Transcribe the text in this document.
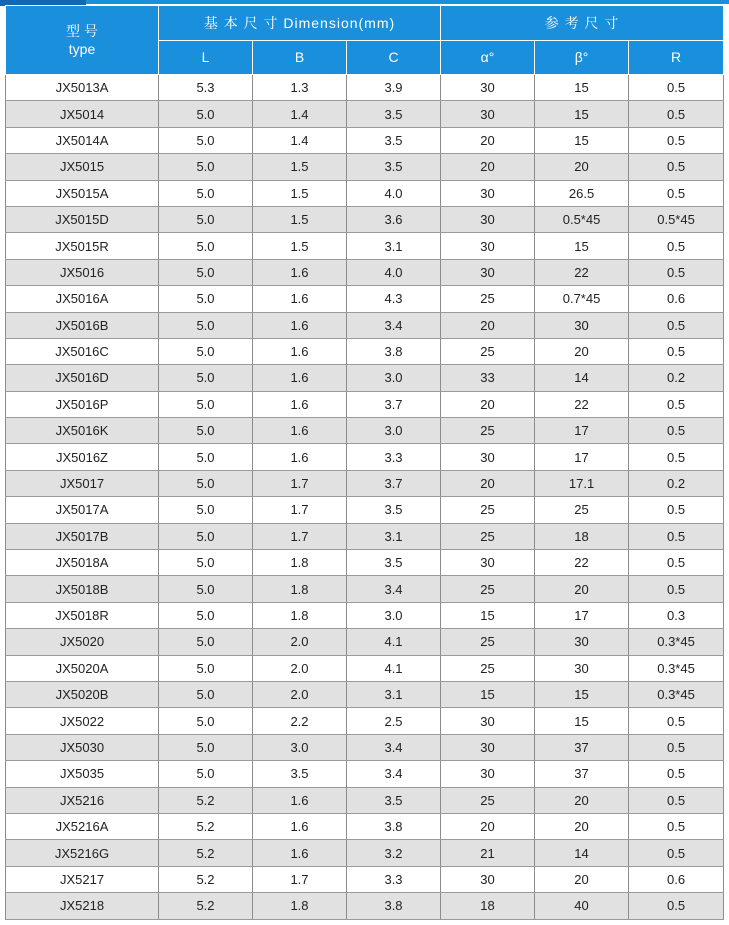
型 号
type	基 本 尺 寸 Dimension(mm)			参 考 尺 寸		
	L	B	C	α°	β°	R
JX5013A	5.3	1.3	3.9	30	15	0.5
JX5014	5.0	1.4	3.5	30	15	0.5
JX5014A	5.0	1.4	3.5	20	15	0.5
JX5015	5.0	1.5	3.5	20	20	0.5
JX5015A	5.0	1.5	4.0	30	26.5	0.5
JX5015D	5.0	1.5	3.6	30	0.5*45	0.5*45
JX5015R	5.0	1.5	3.1	30	15	0.5
JX5016	5.0	1.6	4.0	30	22	0.5
JX5016A	5.0	1.6	4.3	25	0.7*45	0.6
JX5016B	5.0	1.6	3.4	20	30	0.5
JX5016C	5.0	1.6	3.8	25	20	0.5
JX5016D	5.0	1.6	3.0	33	14	0.2
JX5016P	5.0	1.6	3.7	20	22	0.5
JX5016K	5.0	1.6	3.0	25	17	0.5
JX5016Z	5.0	1.6	3.3	30	17	0.5
JX5017	5.0	1.7	3.7	20	17.1	0.2
JX5017A	5.0	1.7	3.5	25	25	0.5
JX5017B	5.0	1.7	3.1	25	18	0.5
JX5018A	5.0	1.8	3.5	30	22	0.5
JX5018B	5.0	1.8	3.4	25	20	0.5
JX5018R	5.0	1.8	3.0	15	17	0.3
JX5020	5.0	2.0	4.1	25	30	0.3*45
JX5020A	5.0	2.0	4.1	25	30	0.3*45
JX5020B	5.0	2.0	3.1	15	15	0.3*45
JX5022	5.0	2.2	2.5	30	15	0.5
JX5030	5.0	3.0	3.4	30	37	0.5
JX5035	5.0	3.5	3.4	30	37	0.5
JX5216	5.2	1.6	3.5	25	20	0.5
JX5216A	5.2	1.6	3.8	20	20	0.5
JX5216G	5.2	1.6	3.2	21	14	0.5
JX5217	5.2	1.7	3.3	30	20	0.6
JX5218	5.2	1.8	3.8	18	40	0.5
